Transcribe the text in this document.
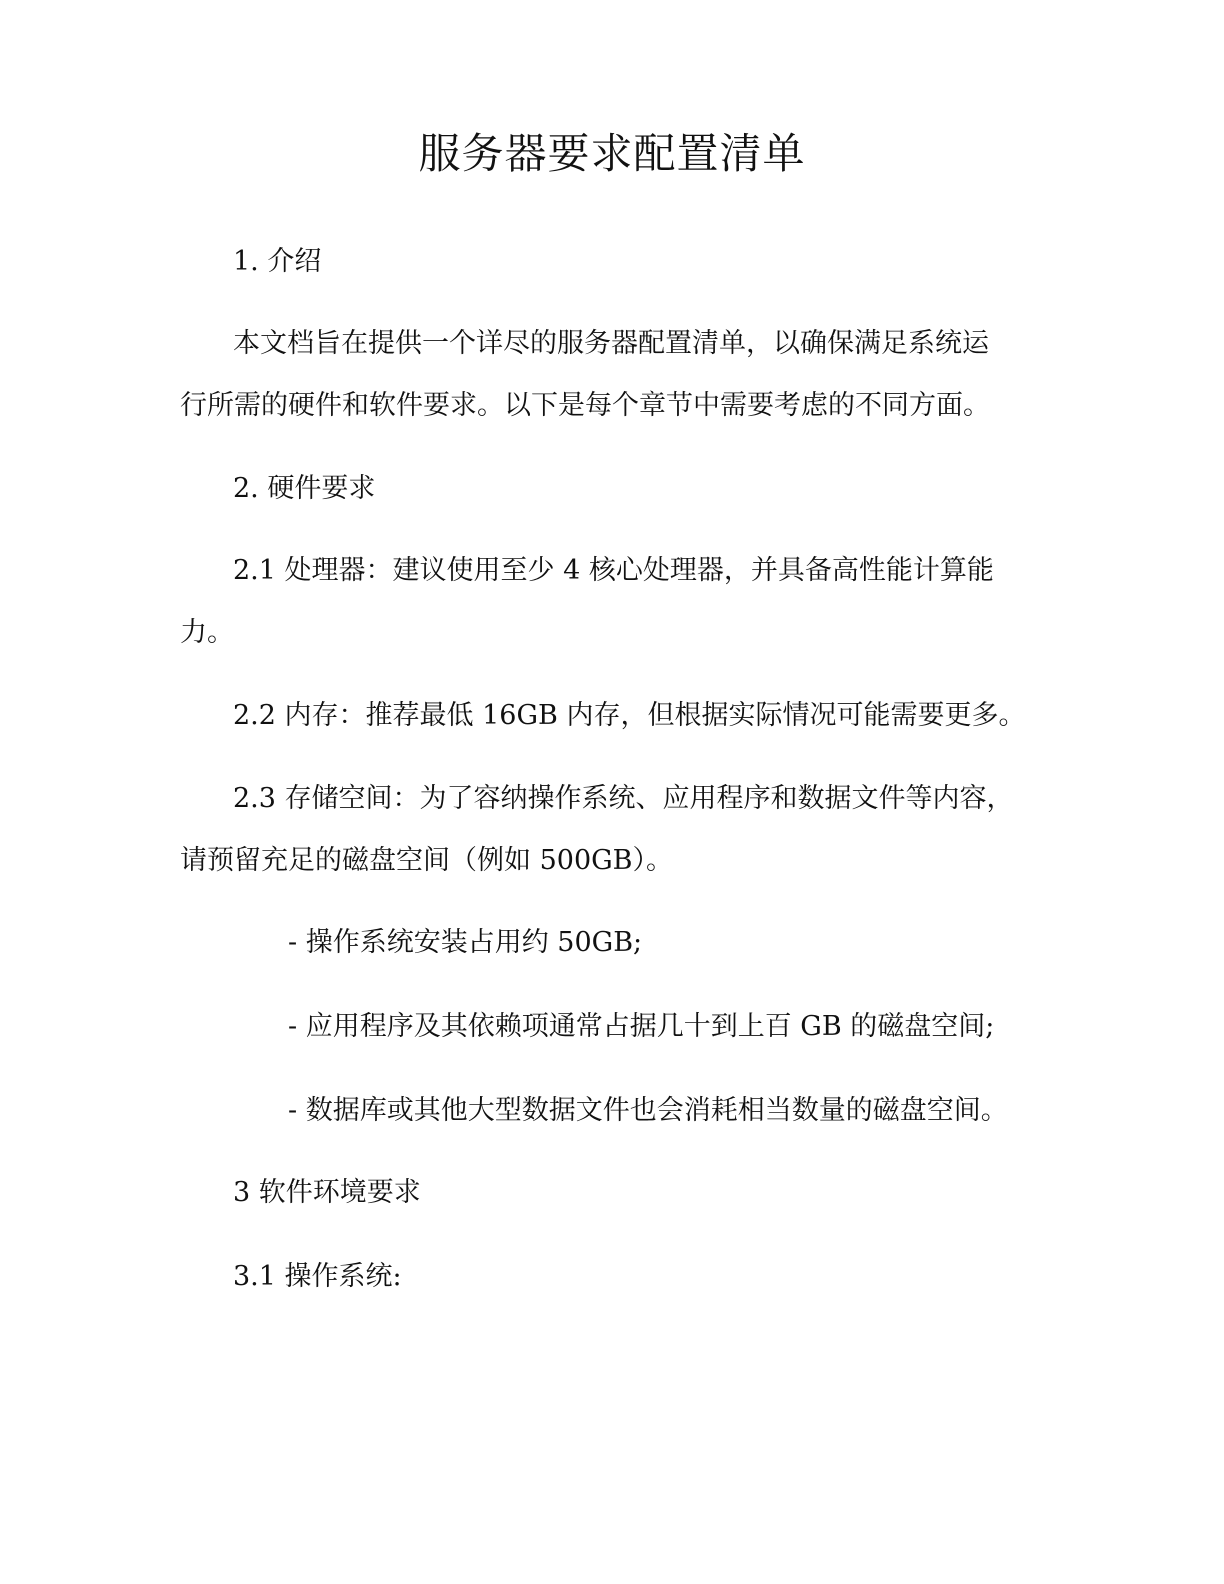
服务器要求配置清单
1. 介绍
本文档旨在提供一个详尽的服务器配置清单，以确保满足系统运
行所需的硬件和软件要求。以下是每个章节中需要考虑的不同方面。
2. 硬件要求
2.1 处理器：建议使用至少 4 核心处理器，并具备高性能计算能
力。
2.2 内存：推荐最低 16GB 内存，但根据实际情况可能需要更多。
2.3 存储空间：为了容纳操作系统、应用程序和数据文件等内容，
请预留充足的磁盘空间（例如 500GB）。
- 操作系统安装占用约 50GB;
- 应用程序及其依赖项通常占据几十到上百 GB 的磁盘空间;
- 数据库或其他大型数据文件也会消耗相当数量的磁盘空间。
3 软件环境要求
3.1 操作系统:
